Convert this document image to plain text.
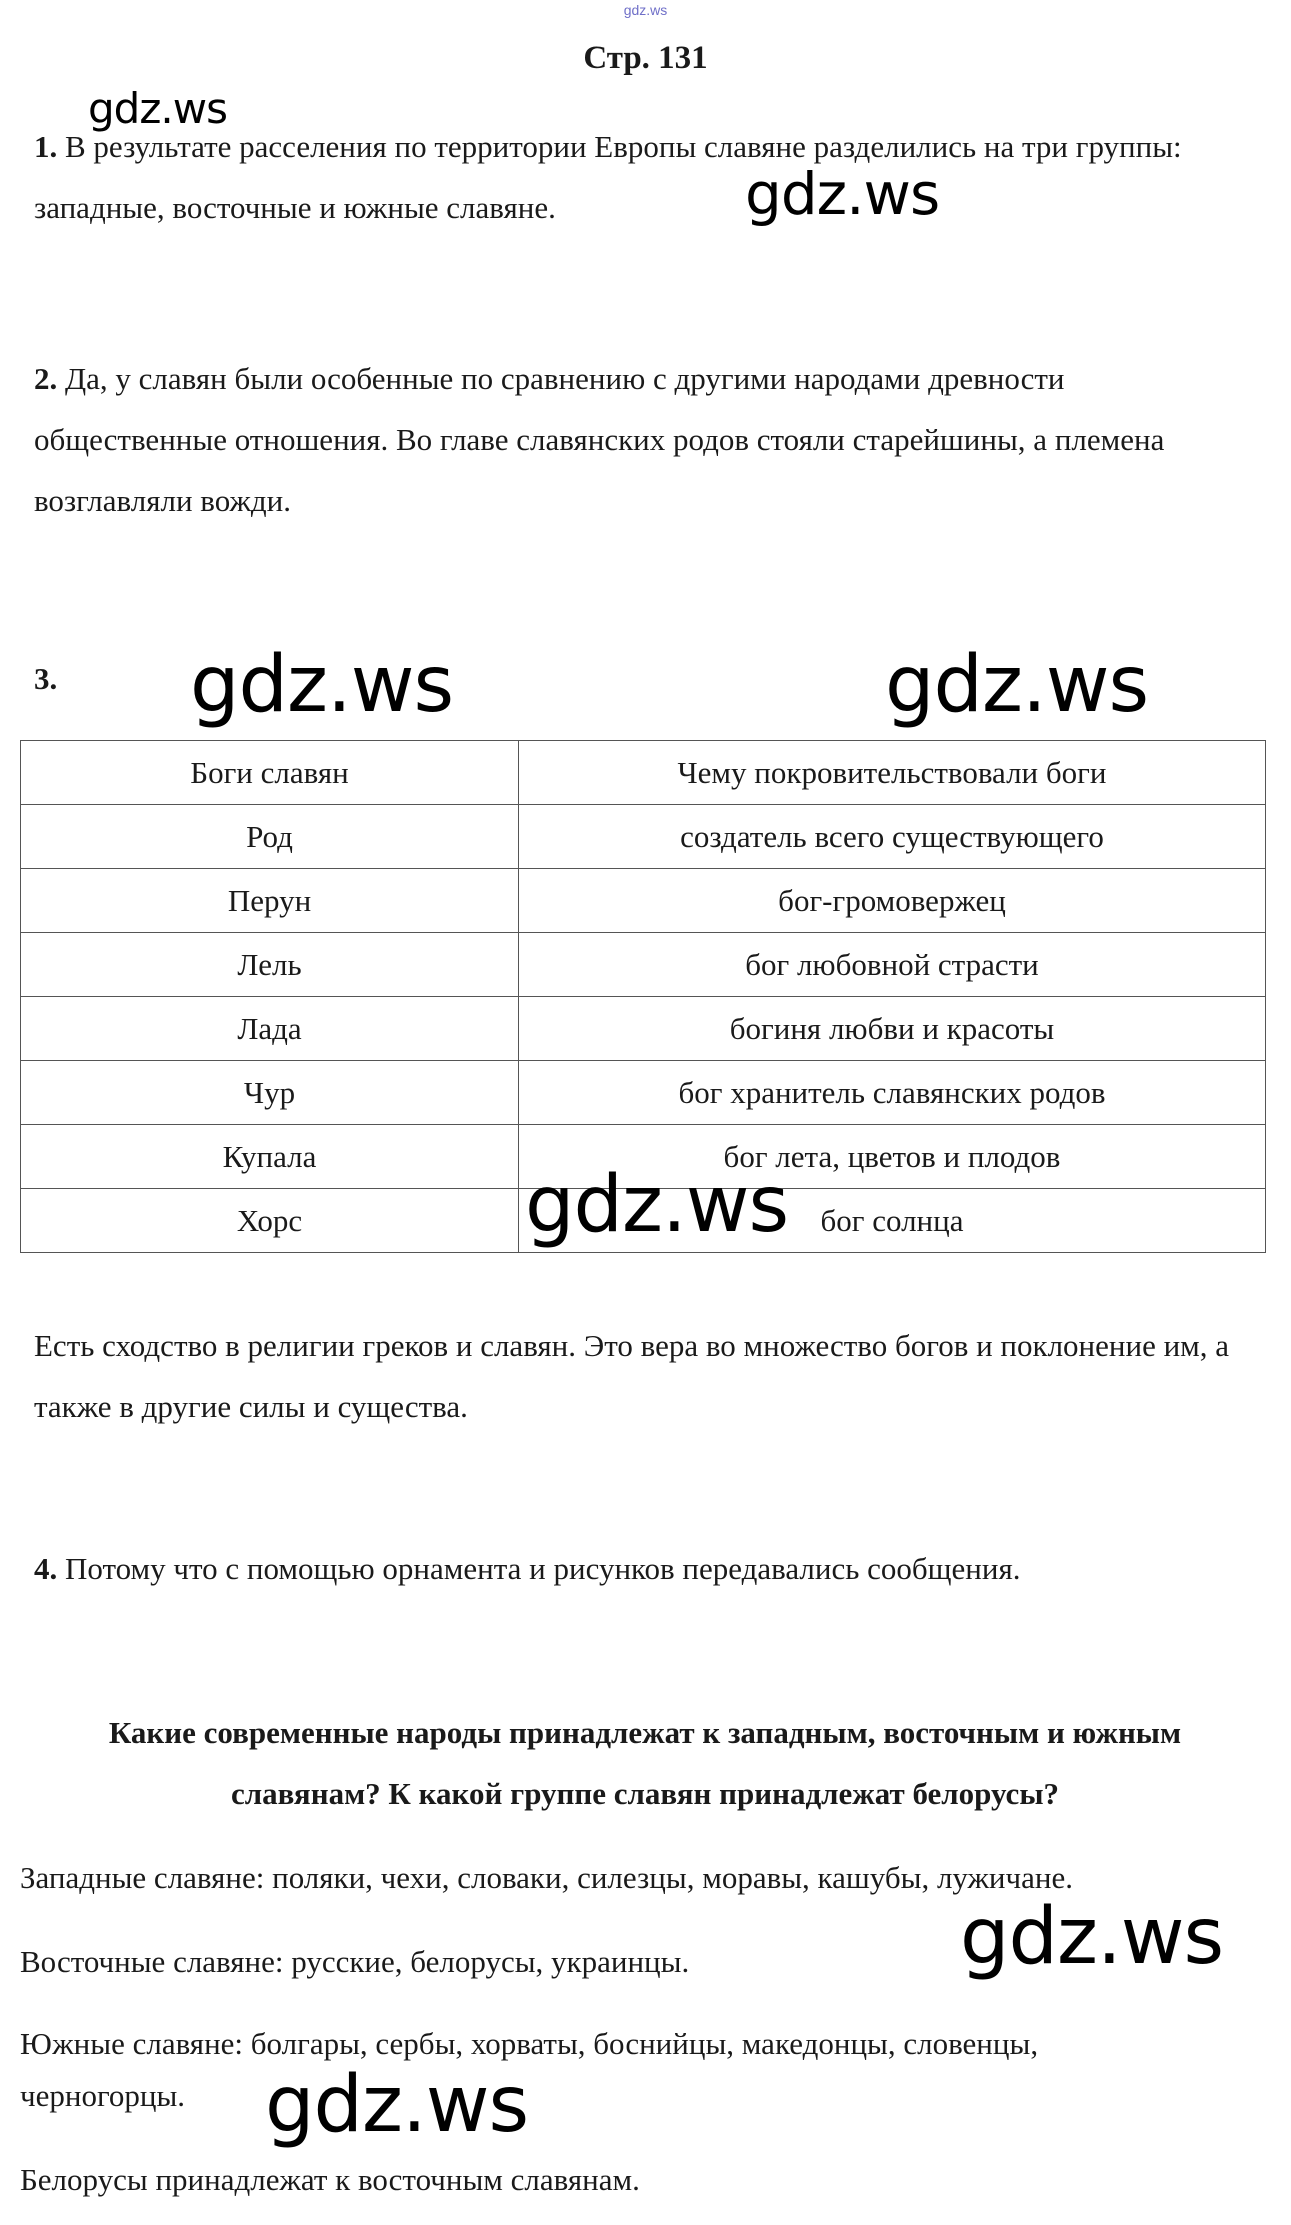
gdz.ws
Стр. 131

1. В результате расселения по территории Европы славяне разделились на три группы: западные, восточные и южные славяне.

2. Да, у славян были особенные по сравнению с другими народами древности общественные отношения. Во главе славянских родов стояли старейшины, а племена возглавляли вожди.

3.

Боги славян	Чему покровительствовали боги
Род	создатель всего существующего
Перун	бог-громовержец
Лель	бог любовной страсти
Лада	богиня любви и красоты
Чур	бог хранитель славянских родов
Купала	бог лета, цветов и плодов
Хорс	бог солнца

Есть сходство в религии греков и славян. Это вера во множество богов и поклонение им, а также в другие силы и существа.

4. Потому что с помощью орнамента и рисунков передавались сообщения.

Какие современные народы принадлежат к западным, восточным и южным славянам? К какой группе славян принадлежат белорусы?

Западные славяне: поляки, чехи, словаки, силезцы, моравы, кашубы, лужичане.

Восточные славяне: русские, белорусы, украинцы.

Южные славяне: болгары, сербы, хорваты, боснийцы, македонцы, словенцы, черногорцы.

Белорусы принадлежат к восточным славянам.

gdz.ws
gdz.ws
gdz.ws	gdz.ws
gdz.ws
gdz.ws
gdz.ws
